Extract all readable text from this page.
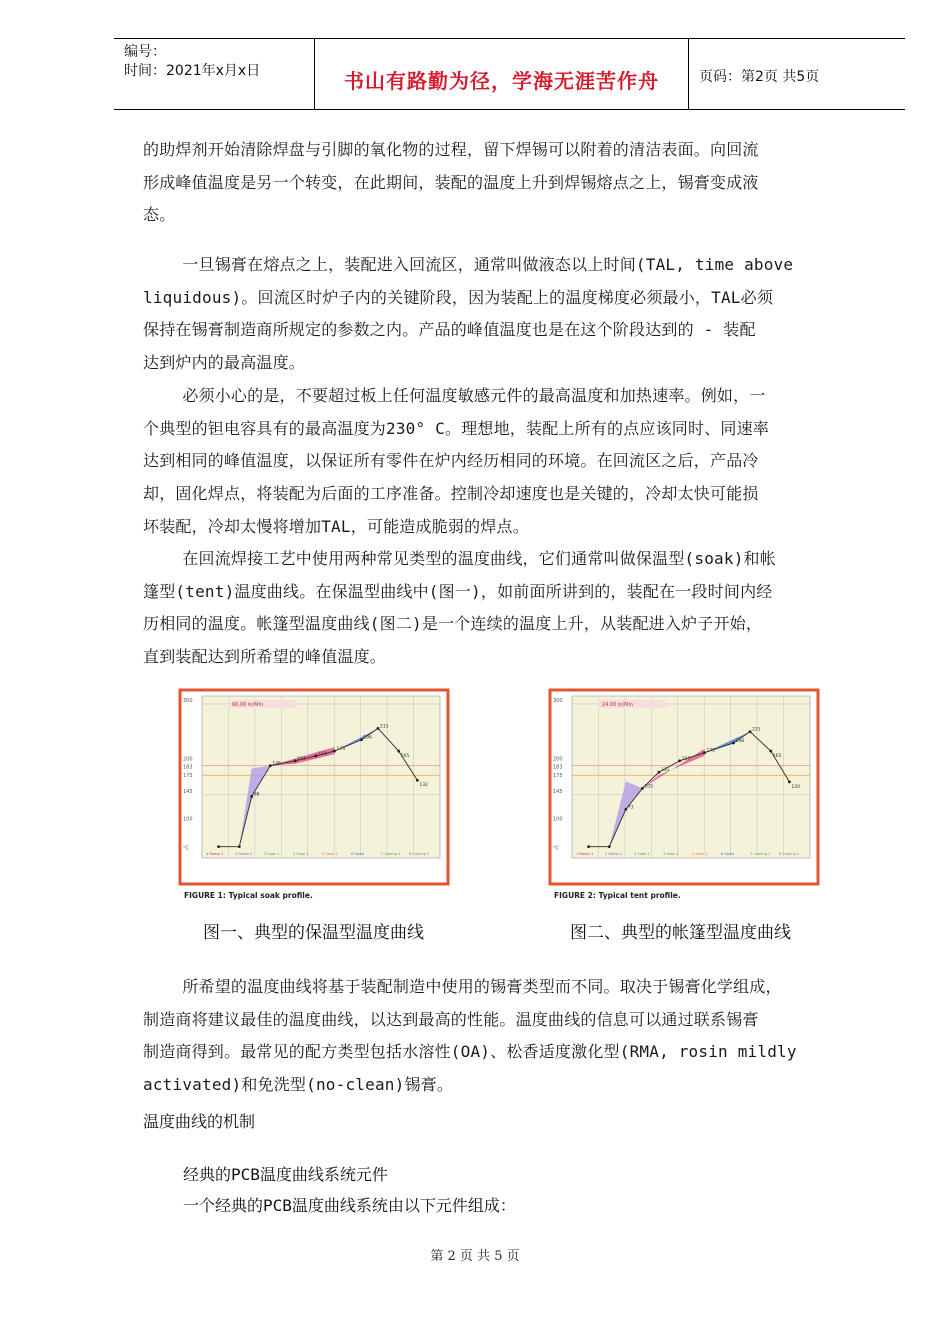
编号：
时间：2021年x月x日	书山有路勤为径，学海无涯苦作舟	页码：第2页 共5页
的助焊剂开始清除焊盘与引脚的氧化物的过程，留下焊锡可以附着的清洁表面。向回流
形成峰值温度是另一个转变，在此期间，装配的温度上升到焊锡熔点之上，锡膏变成液
态。
一旦锡膏在熔点之上，装配进入回流区，通常叫做液态以上时间(TAL, time above
liquidous)。回流区时炉子内的关键阶段，因为装配上的温度梯度必须最小，TAL必须
保持在锡膏制造商所规定的参数之内。产品的峰值温度也是在这个阶段达到的 - 装配
达到炉内的最高温度。
必须小心的是，不要超过板上任何温度敏感元件的最高温度和加热速率。例如，一
个典型的钽电容具有的最高温度为230° C。理想地，装配上所有的点应该同时、同速率
达到相同的峰值温度，以保证所有零件在炉内经历相同的环境。在回流区之后，产品冷
却，固化焊点，将装配为后面的工序准备。控制冷却速度也是关键的，冷却太快可能损
坏装配，冷却太慢将增加TAL，可能造成脆弱的焊点。
在回流焊接工艺中使用两种常见类型的温度曲线，它们通常叫做保温型(soak)和帐
篷型(tent)温度曲线。在保温型曲线中(图一)，如前面所讲到的，装配在一段时间内经
历相同的温度。帐篷型温度曲线(图二)是一个连续的温度上升，从装配进入炉子开始，
直到装配达到所希望的峰值温度。
300
200
183
175
145
100
°C
66.00 in/Min
98
146
154
153
173
196
215
165
132
1 Ramp 1	2 Ramp 2	3 Soak 1	3 Soak 2	5 Soak 3	6 Spike	7 Cooling 1 8 Cooling 2
FIGURE 1: Typical soak profile.
300
200
183
175
145
100
°C
24.00 in/Min
73
105
131
157
172
198
215
165
120
1 Ramp 1	2 Ramp 2	3 Soak 1	3 Soak 2	5 Soak 3	6 Spike	7 Cooling 1 8 Cooling 2
FIGURE 2: Typical tent profile.
图一、典型的保温型温度曲线	图二、典型的帐篷型温度曲线
所希望的温度曲线将基于装配制造中使用的锡膏类型而不同。取决于锡膏化学组成，
制造商将建议最佳的温度曲线，以达到最高的性能。温度曲线的信息可以通过联系锡膏
制造商得到。最常见的配方类型包括水溶性(OA)、松香适度激化型(RMA, rosin mildly
activated)和免洗型(no-clean)锡膏。
温度曲线的机制
经典的PCB温度曲线系统元件
一个经典的PCB温度曲线系统由以下元件组成：
第 2 页 共 5 页
